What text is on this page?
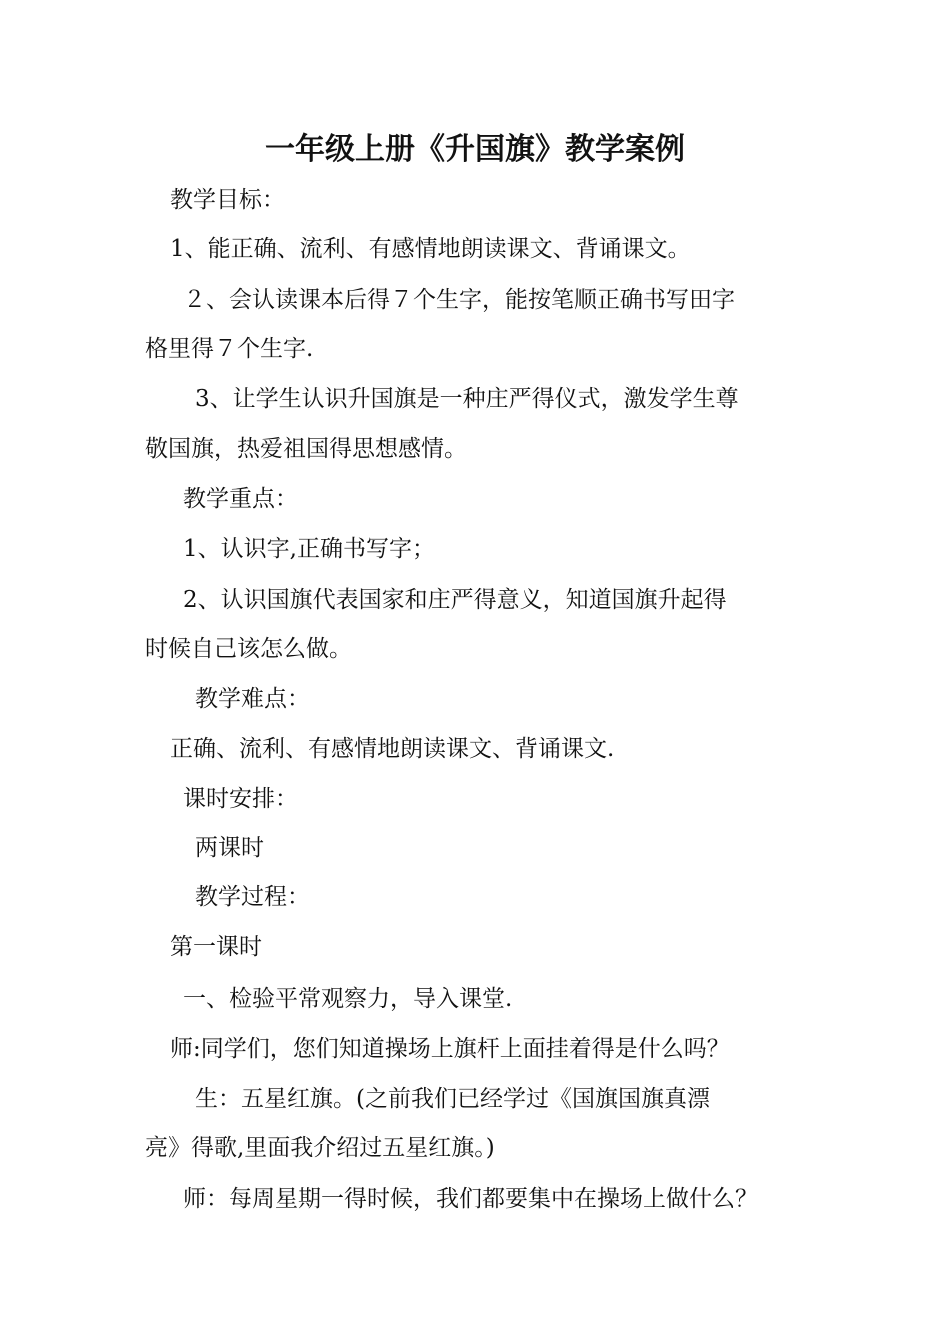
一年级上册《升国旗》教学案例
教学目标：
1、能正确、流利、有感情地朗读课文、背诵课文。
２、会认读课本后得７个生字，能按笔顺正确书写田字
格里得７个生字.
3、让学生认识升国旗是一种庄严得仪式，激发学生尊
敬国旗，热爱祖国得思想感情。
教学重点：
1、认识字,正确书写字；
2、认识国旗代表国家和庄严得意义，知道国旗升起得
时候自己该怎么做。
教学难点：
正确、流利、有感情地朗读课文、背诵课文.
课时安排：
两课时
教学过程：
第一课时
一、检验平常观察力，导入课堂.
师:同学们，您们知道操场上旗杆上面挂着得是什么吗？
生：五星红旗。(之前我们已经学过《国旗国旗真漂
亮》得歌,里面我介绍过五星红旗。)
师：每周星期一得时候，我们都要集中在操场上做什么？
